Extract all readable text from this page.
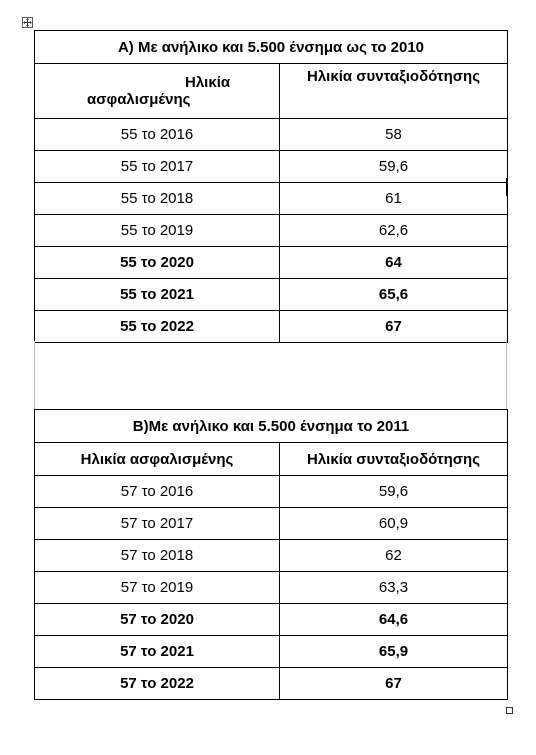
A) Με ανήλικο και 5.500 ένσημα ως το 2010	

Ηλικία
ασφαλισμένης	Ηλικία συνταξιοδότησης
55 το 2016	58
55 το 2017	59,6
55 το 2018	61
55 το 2019	62,6
55 το 2020	64
55 το 2021	65,6
55 το 2022	67
B)Με ανήλικο και 5.500 ένσημα το 2011	
Ηλικία ασφαλισμένης	Ηλικία συνταξιοδότησης
57 το 2016	59,6
57 το 2017	60,9
57 το 2018	62
57 το 2019	63,3
57 το 2020	64,6
57 το 2021	65,9
57 το 2022	67
